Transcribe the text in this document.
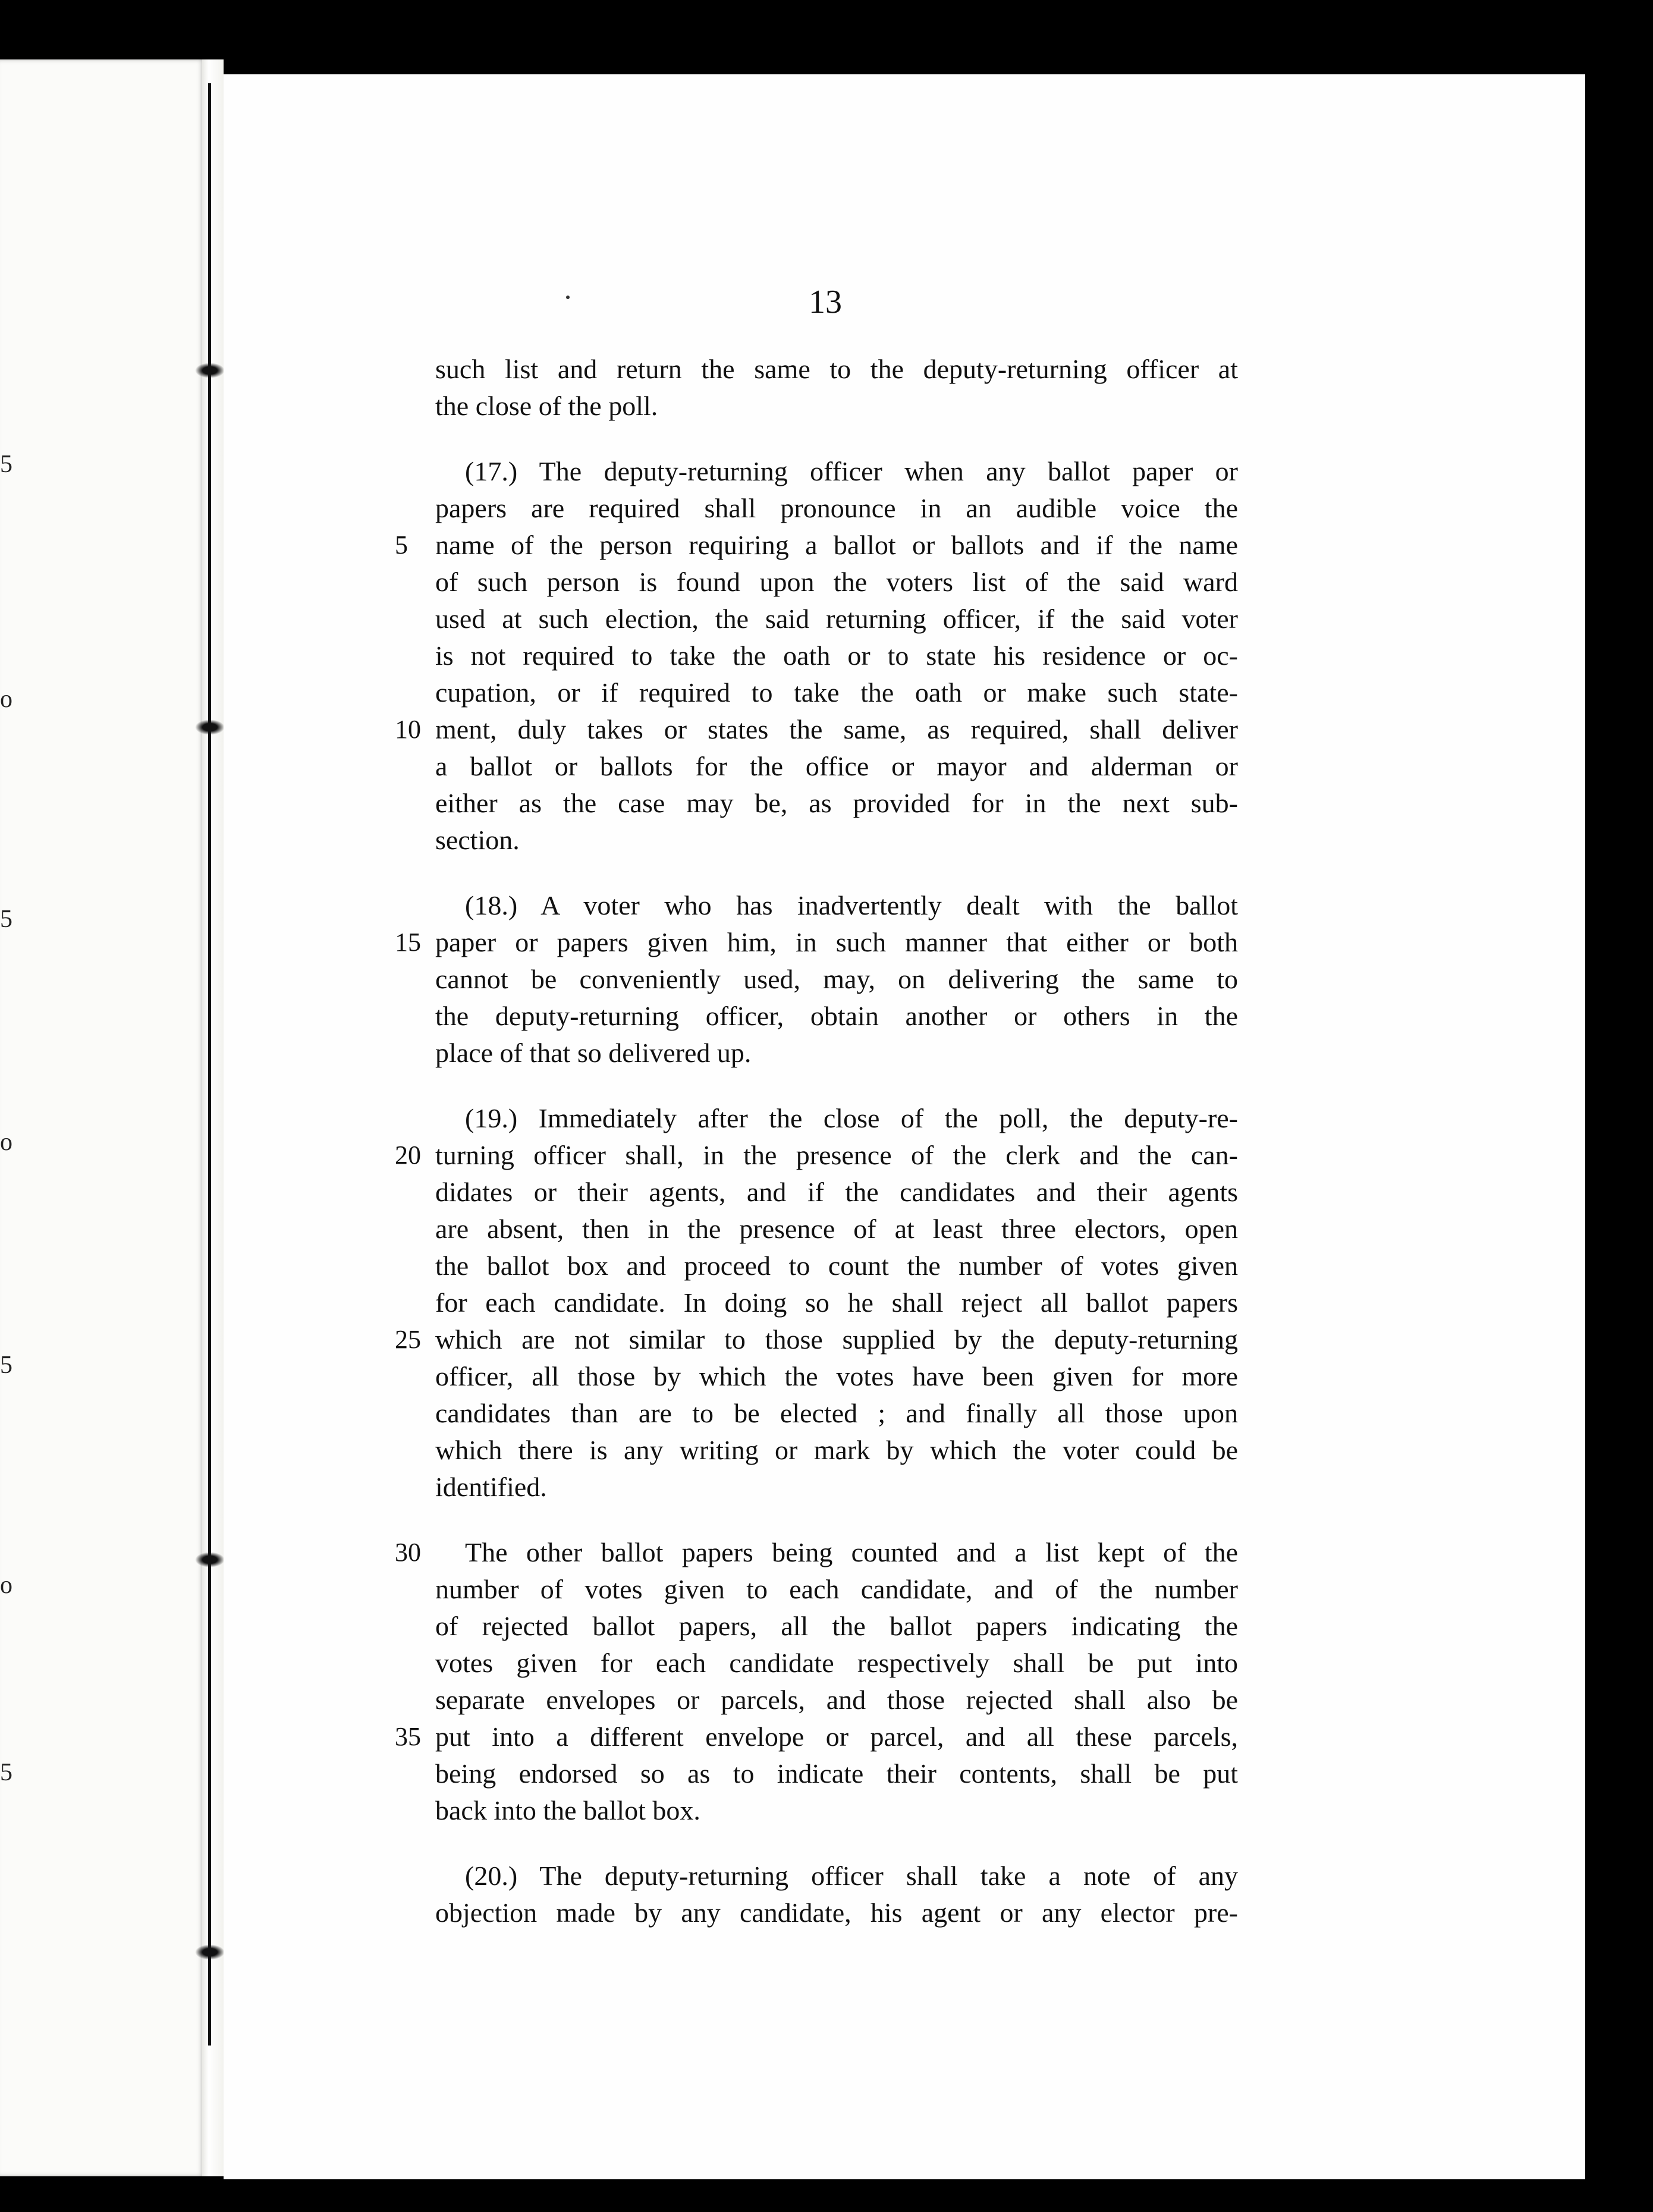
5
o
5
o
5
o
5
13
such list and return the same to the deputy-returning officer at
the close of the poll.
(17.) The deputy-returning officer when any ballot paper or
papers are required shall pronounce in an audible voice the
name of the person requiring a ballot or ballots and if the name
5
of such person is found upon the voters list of the said ward
used at such election, the said returning officer, if the said voter
is not required to take the oath or to state his residence or oc-
cupation, or if required to take the oath or make such state-
ment, duly takes or states the same, as required, shall deliver
10
a ballot or ballots for the office or mayor and alderman or
either as the case may be, as provided for in the next sub-
section.
(18.) A voter who has inadvertently dealt with the ballot
paper or papers given him, in such manner that either or both
15
cannot be conveniently used, may, on delivering the same to
the deputy-returning officer, obtain another or others in the
place of that so delivered up.
(19.) Immediately after the close of the poll, the deputy-re-
turning officer shall, in the presence of the clerk and the can-
20
didates or their agents, and if the candidates and their agents
are absent, then in the presence of at least three electors, open
the ballot box and proceed to count the number of votes given
for each candidate. In doing so he shall reject all ballot papers
which are not similar to those supplied by the deputy-returning
25
officer, all those by which the votes have been given for more
candidates than are to be elected ; and finally all those upon
which there is any writing or mark by which the voter could be
identified.
The other ballot papers being counted and a list kept of the
30
number of votes given to each candidate, and of the number
of rejected ballot papers, all the ballot papers indicating the
votes given for each candidate respectively shall be put into
separate envelopes or parcels, and those rejected shall also be
put into a different envelope or parcel, and all these parcels,
35
being endorsed so as to indicate their contents, shall be put
back into the ballot box.
(20.) The deputy-returning officer shall take a note of any
objection made by any candidate, his agent or any elector pre-
